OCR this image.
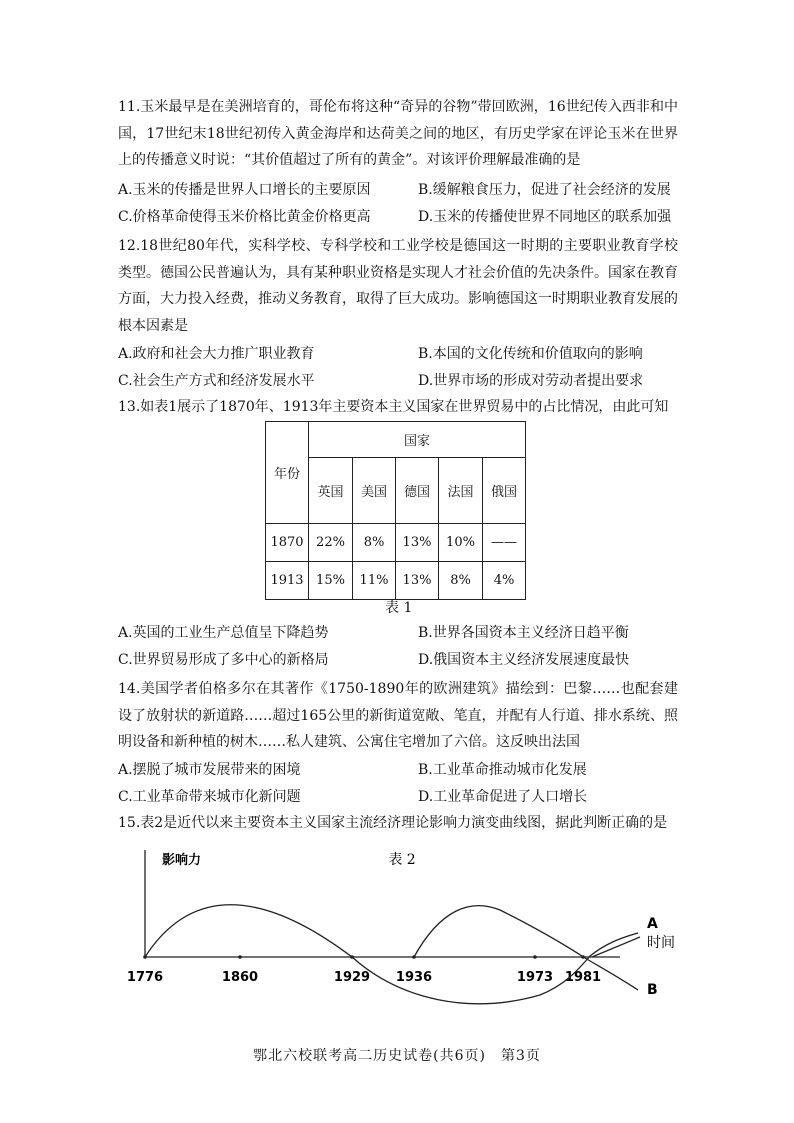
11.玉米最早是在美洲培育的，哥伦布将这种“奇异的谷物”带回欧洲，16世纪传入西非和中国，17世纪末18世纪初传入黄金海岸和达荷美之间的地区，有历史学家在评论玉米在世界上的传播意义时说：“其价值超过了所有的黄金”。对该评价理解最准确的是

A.玉米的传播是世界人口增长的主要原因	B.缓解粮食压力，促进了社会经济的发展
C.价格革命使得玉米价格比黄金价格更高	D.玉米的传播使世界不同地区的联系加强

12.18世纪80年代，实科学校、专科学校和工业学校是德国这一时期的主要职业教育学校类型。德国公民普遍认为，具有某种职业资格是实现人才社会价值的先决条件。国家在教育方面，大力投入经费，推动义务教育，取得了巨大成功。影响德国这一时期职业教育发展的根本因素是

A.政府和社会大力推广职业教育	B.本国的文化传统和价值取向的影响
C.社会生产方式和经济发展水平	D.世界市场的形成对劳动者提出要求
13.如表1展示了1870年、1913年主要资本主义国家在世界贸易中的占比情况，由此可知
年份	国家				
	英国	美国	德国	法国	俄国
1870	22%	8%	13%	10%	——
1913	15%	11%	13%	8%	4%
表 1
A.英国的工业生产总值呈下降趋势	B.世界各国资本主义经济日趋平衡
C.世界贸易形成了多中心的新格局	D.俄国资本主义经济发展速度最快

14.美国学者伯格多尔在其著作《1750-1890年的欧洲建筑》描绘到：巴黎……也配套建设了放射状的新道路……超过165公里的新街道宽敞、笔直，并配有人行道、排水系统、照明设备和新种植的树木……私人建筑、公寓住宅增加了六倍。这反映出法国

A.摆脱了城市发展带来的困境	B.工业革命推动城市化发展
C.工业革命带来城市化新问题	D.工业革命促进了人口增长
15.表2是近代以来主要资本主义国家主流经济理论影响力演变曲线图，据此判断正确的是
影响力	表 2
时间
1776	1860	1929 1936	1973 1981
A
B
鄂北六校联考高二历史试卷(共6页)　第3页
